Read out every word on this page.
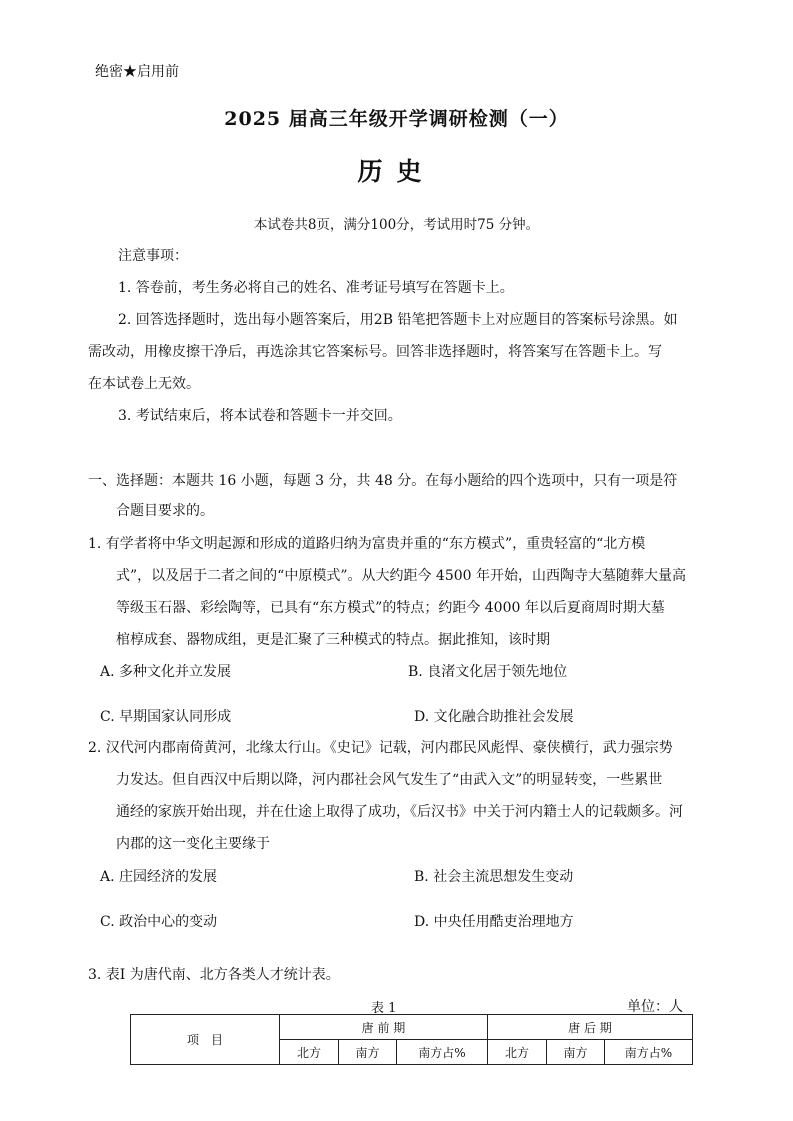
绝密★启用前
2025 届高三年级开学调研检测（一）
历史
本试卷共8页，满分100分，考试用时75 分钟。
注意事项：
1. 答卷前，考生务必将自己的姓名、准考证号填写在答题卡上。
2. 回答选择题时，选出每小题答案后，用2B 铅笔把答题卡上对应题目的答案标号涂黑。如
需改动，用橡皮擦干净后，再选涂其它答案标号。回答非选择题时，将答案写在答题卡上。写
在本试卷上无效。
3. 考试结束后，将本试卷和答题卡一并交回。
一、选择题：本题共 16 小题，每题 3 分，共 48 分。在每小题给的四个选项中，只有一项是符
合题目要求的。
1. 有学者将中华文明起源和形成的道路归纳为富贵并重的“东方模式”，重贵轻富的“北方模
式”，以及居于二者之间的“中原模式”。从大约距今 4500 年开始，山西陶寺大墓随葬大量高
等级玉石器、彩绘陶等，已具有“东方模式”的特点；约距今 4000 年以后夏商周时期大墓
棺椁成套、器物成组，更是汇聚了三种模式的特点。据此推知，该时期
A. 多种文化并立发展	B. 良渚文化居于领先地位
C. 早期国家认同形成	D. 文化融合助推社会发展
2. 汉代河内郡南倚黄河，北缘太行山。《史记》记载，河内郡民风彪悍、豪侠横行，武力强宗势
力发达。但自西汉中后期以降，河内郡社会风气发生了“由武入文”的明显转变，一些累世
通经的家族开始出现，并在仕途上取得了成功，《后汉书》中关于河内籍士人的记载颇多。河
内郡的这一变化主要缘于
A. 庄园经济的发展	B. 社会主流思想发生变动
C. 政治中心的变动	D. 中央任用酷吏治理地方
3. 表Ⅰ 为唐代南、北方各类人才统计表。
表 1	单位：人
项　目	唐 前 期			唐 后 期		
	北方	南方	南方占%	北方	南方	南方占%
